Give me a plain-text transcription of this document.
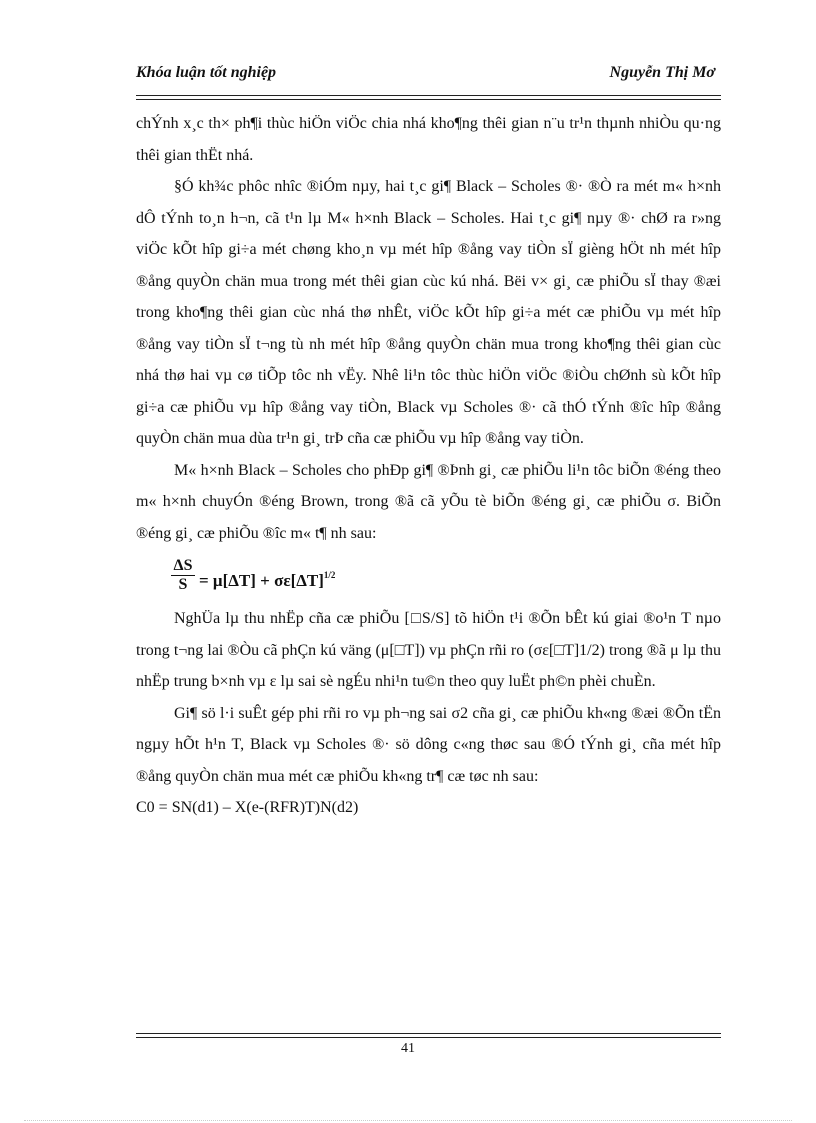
Khóa luận tốt nghiệp	Nguyễn Thị Mơ

chÝnh x¸c th× ph¶i thùc hiÖn viÖc chia nhá kho¶ng thêi gian n¨u tr¹n thµnh nhiÒu qu·ng thêi gian thËt nhá.

§Ó kh¾c phôc nhîc ®iÓm nµy, hai t¸c gi¶ Black – Scholes ®· ®Ò ra mét m« h×nh dÔ tÝnh to¸n h¬n, cã t¹n lµ M« h×nh Black – Scholes. Hai t¸c gi¶ nµy ®· chØ ra r»ng viÖc kÕt hîp gi÷a mét chøng kho¸n vµ mét hîp ®ång vay tiÒn sÏ gièng hÖt nh mét hîp ®ång quyÒn chän mua trong mét thêi gian cùc kú nhá. Bëi v× gi¸ cæ phiÕu sÏ thay ®æi trong kho¶ng thêi gian cùc nhá thø nhÊt, viÖc kÕt hîp gi÷a mét cæ phiÕu vµ mét hîp ®ång vay tiÒn sÏ t¬ng tù nh mét hîp ®ång quyÒn chän mua trong kho¶ng thêi gian cùc nhá thø hai vµ cø tiÕp tôc nh vËy. Nhê li¹n tôc thùc hiÖn viÖc ®iÒu chØnh sù kÕt hîp gi÷a cæ phiÕu vµ hîp ®ång vay tiÒn, Black vµ Scholes ®· cã thÓ tÝnh ®îc hîp ®ång quyÒn chän mua dùa tr¹n gi¸ trÞ cña cæ phiÕu vµ hîp ®ång vay tiÒn.

M« h×nh Black – Scholes cho phÐp gi¶ ®Þnh gi¸ cæ phiÕu li¹n tôc biÕn ®éng theo m« h×nh chuyÓn ®éng Brown, trong ®ã cã yÕu tè biÕn ®éng gi¸ cæ phiÕu σ. BiÕn ®éng gi¸ cæ phiÕu ®îc m« t¶ nh sau:

$\frac{\Delta S}{S} = \mu[\Delta T] + \sigma\varepsilon[\Delta T]^{1/2}$

NghÜa lµ thu nhËp cña cæ phiÕu [□S/S] tõ hiÖn t¹i ®Õn bÊt kú giai ®o¹n T nµo trong t¬ng lai ®Òu cã phÇn kú väng (μ[□T]) vµ phÇn rñi ro (σε[□T]1/2) trong ®ã μ lµ thu nhËp trung b×nh vµ ε lµ sai sè ngÉu nhi¹n tu©n theo quy luËt ph©n phèi chuÈn.

Gi¶ sö l·i suÊt gép phi rñi ro vµ ph¬ng sai σ2 cña gi¸ cæ phiÕu kh«ng ®æi ®Õn tËn ngµy hÕt h¹n T, Black vµ Scholes ®· sö dông c«ng thøc sau ®Ó tÝnh gi¸ cña mét hîp ®ång quyÒn chän mua mét cæ phiÕu kh«ng tr¶ cæ tøc nh sau:

C0 = SN(d1) – X(e-(RFR)T)N(d2)

41
